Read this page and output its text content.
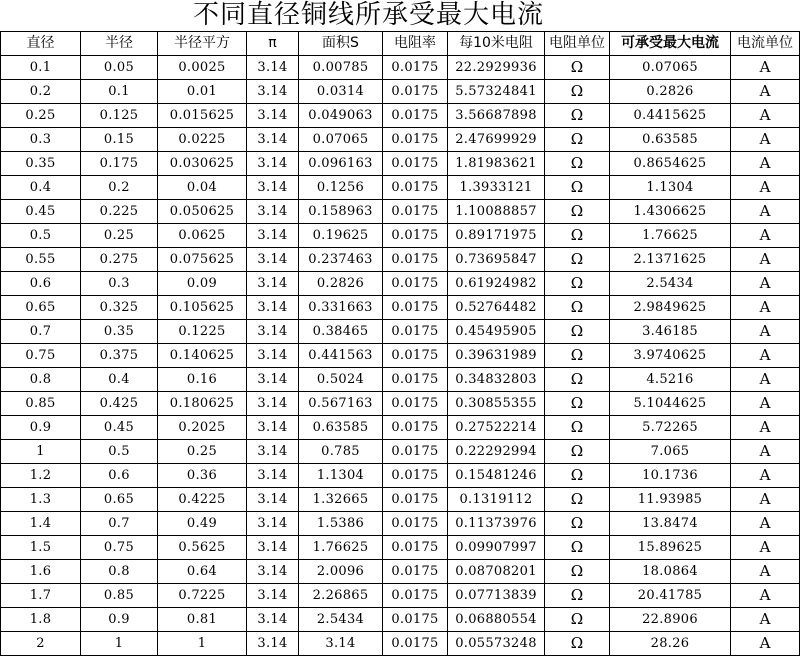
不同直径铜线所承受最大电流
直径	半径	半径平方	π	面积S	电阻率	每10米电阻	电阻单位	可承受最大电流	电流单位
0.1	0.05	0.0025	3.14	0.00785	0.0175	22.2929936	Ω	0.07065	A
0.2	0.1	0.01	3.14	0.0314	0.0175	5.57324841	Ω	0.2826	A
0.25	0.125	0.015625	3.14	0.049063	0.0175	3.56687898	Ω	0.4415625	A
0.3	0.15	0.0225	3.14	0.07065	0.0175	2.47699929	Ω	0.63585	A
0.35	0.175	0.030625	3.14	0.096163	0.0175	1.81983621	Ω	0.8654625	A
0.4	0.2	0.04	3.14	0.1256	0.0175	1.3933121	Ω	1.1304	A
0.45	0.225	0.050625	3.14	0.158963	0.0175	1.10088857	Ω	1.4306625	A
0.5	0.25	0.0625	3.14	0.19625	0.0175	0.89171975	Ω	1.76625	A
0.55	0.275	0.075625	3.14	0.237463	0.0175	0.73695847	Ω	2.1371625	A
0.6	0.3	0.09	3.14	0.2826	0.0175	0.61924982	Ω	2.5434	A
0.65	0.325	0.105625	3.14	0.331663	0.0175	0.52764482	Ω	2.9849625	A
0.7	0.35	0.1225	3.14	0.38465	0.0175	0.45495905	Ω	3.46185	A
0.75	0.375	0.140625	3.14	0.441563	0.0175	0.39631989	Ω	3.9740625	A
0.8	0.4	0.16	3.14	0.5024	0.0175	0.34832803	Ω	4.5216	A
0.85	0.425	0.180625	3.14	0.567163	0.0175	0.30855355	Ω	5.1044625	A
0.9	0.45	0.2025	3.14	0.63585	0.0175	0.27522214	Ω	5.72265	A
1	0.5	0.25	3.14	0.785	0.0175	0.22292994	Ω	7.065	A
1.2	0.6	0.36	3.14	1.1304	0.0175	0.15481246	Ω	10.1736	A
1.3	0.65	0.4225	3.14	1.32665	0.0175	0.1319112	Ω	11.93985	A
1.4	0.7	0.49	3.14	1.5386	0.0175	0.11373976	Ω	13.8474	A
1.5	0.75	0.5625	3.14	1.76625	0.0175	0.09907997	Ω	15.89625	A
1.6	0.8	0.64	3.14	2.0096	0.0175	0.08708201	Ω	18.0864	A
1.7	0.85	0.7225	3.14	2.26865	0.0175	0.07713839	Ω	20.41785	A
1.8	0.9	0.81	3.14	2.5434	0.0175	0.06880554	Ω	22.8906	A
2	1	1	3.14	3.14	0.0175	0.05573248	Ω	28.26	A
